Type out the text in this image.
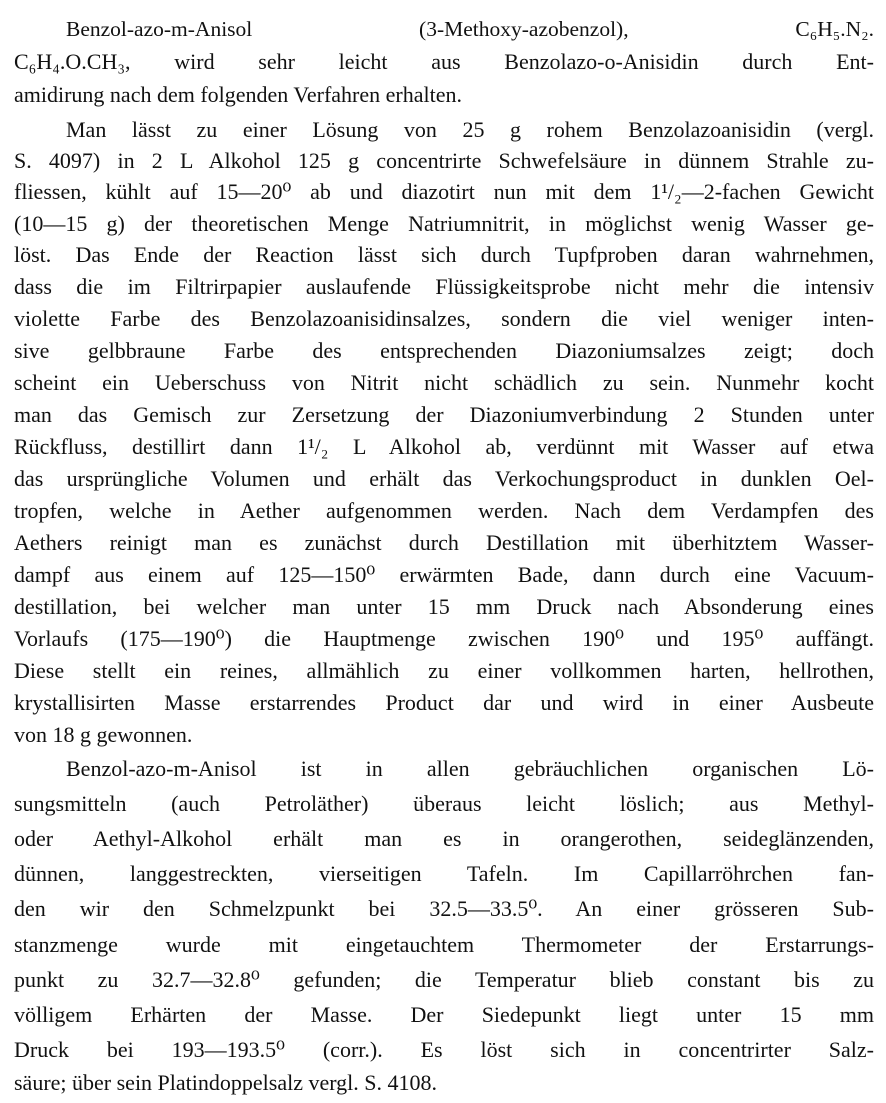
Benzol-azo-m-Anisol (3-Methoxy-azobenzol), C₆H₅.N₂.
C₆H₄.O.CH₃, wird sehr leicht aus Benzolazo-o-Anisidin durch Ent-
amidirung nach dem folgenden Verfahren erhalten.
Man lässt zu einer Lösung von 25 g rohem Benzolazoanisidin (vergl.
S. 4097) in 2 L Alkohol 125 g concentrirte Schwefelsäure in dünnem Strahle zu-
fliessen, kühlt auf 15—20⁰ ab und diazotirt nun mit dem 1¹/₂—2-fachen Gewicht
(10—15 g) der theoretischen Menge Natriumnitrit, in möglichst wenig Wasser ge-
löst. Das Ende der Reaction lässt sich durch Tupfproben daran wahrnehmen,
dass die im Filtrirpapier auslaufende Flüssigkeitsprobe nicht mehr die intensiv
violette Farbe des Benzolazoanisidinsalzes, sondern die viel weniger inten-
sive gelbbraune Farbe des entsprechenden Diazoniumsalzes zeigt; doch
scheint ein Ueberschuss von Nitrit nicht schädlich zu sein. Nunmehr kocht
man das Gemisch zur Zersetzung der Diazoniumverbindung 2 Stunden unter
Rückfluss, destillirt dann 1¹/₂ L Alkohol ab, verdünnt mit Wasser auf etwa
das ursprüngliche Volumen und erhält das Verkochungsproduct in dunklen Oel-
tropfen, welche in Aether aufgenommen werden. Nach dem Verdampfen des
Aethers reinigt man es zunächst durch Destillation mit überhitztem Wasser-
dampf aus einem auf 125—150⁰ erwärmten Bade, dann durch eine Vacuum-
destillation, bei welcher man unter 15 mm Druck nach Absonderung eines
Vorlaufs (175—190⁰) die Hauptmenge zwischen 190⁰ und 195⁰ auffängt.
Diese stellt ein reines, allmählich zu einer vollkommen harten, hellrothen,
krystallisirten Masse erstarrendes Product dar und wird in einer Ausbeute
von 18 g gewonnen.
Benzol-azo-m-Anisol ist in allen gebräuchlichen organischen Lö-
sungsmitteln (auch Petroläther) überaus leicht löslich; aus Methyl-
oder Aethyl-Alkohol erhält man es in orangerothen, seideglänzenden,
dünnen, langgestreckten, vierseitigen Tafeln. Im Capillarröhrchen fan-
den wir den Schmelzpunkt bei 32.5—33.5⁰. An einer grösseren Sub-
stanzmenge wurde mit eingetauchtem Thermometer der Erstarrungs-
punkt zu 32.7—32.8⁰ gefunden; die Temperatur blieb constant bis zu
völligem Erhärten der Masse. Der Siedepunkt liegt unter 15 mm
Druck bei 193—193.5⁰ (corr.). Es löst sich in concentrirter Salz-
säure; über sein Platindoppelsalz vergl. S. 4108.
